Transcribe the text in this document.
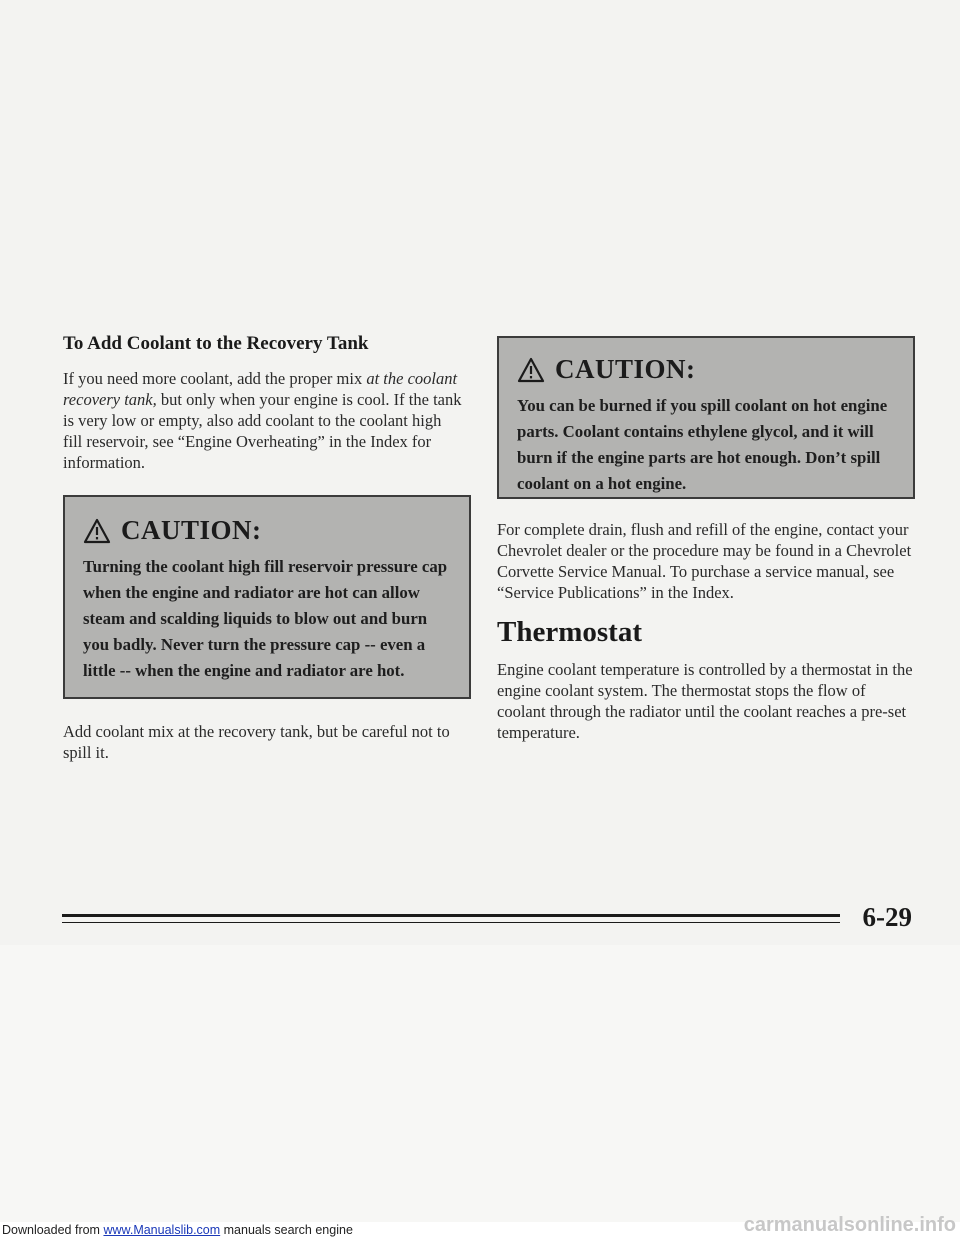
To Add Coolant to the Recovery Tank

If you need more coolant, add the proper mix at the coolant recovery tank, but only when your engine is cool. If the tank is very low or empty, also add coolant to the coolant high fill reservoir, see “Engine Overheating” in the Index for information.

CAUTION:

Turning the coolant high fill reservoir pressure cap when the engine and radiator are hot can allow steam and scalding liquids to blow out and burn you badly. Never turn the pressure cap -- even a little -- when the engine and radiator are hot.

Add coolant mix at the recovery tank, but be careful not to spill it.

CAUTION:

You can be burned if you spill coolant on hot engine parts. Coolant contains ethylene glycol, and it will burn if the engine parts are hot enough. Don’t spill coolant on a hot engine.

For complete drain, flush and refill of the engine, contact your Chevrolet dealer or the procedure may be found in a Chevrolet Corvette Service Manual. To purchase a service manual, see “Service Publications” in the Index.

Thermostat

Engine coolant temperature is controlled by a thermostat in the engine coolant system. The thermostat stops the flow of coolant through the radiator until the coolant reaches a pre-set temperature.

6-29
Downloaded from www.Manualslib.com manuals search engine	carmanualsonline.info
